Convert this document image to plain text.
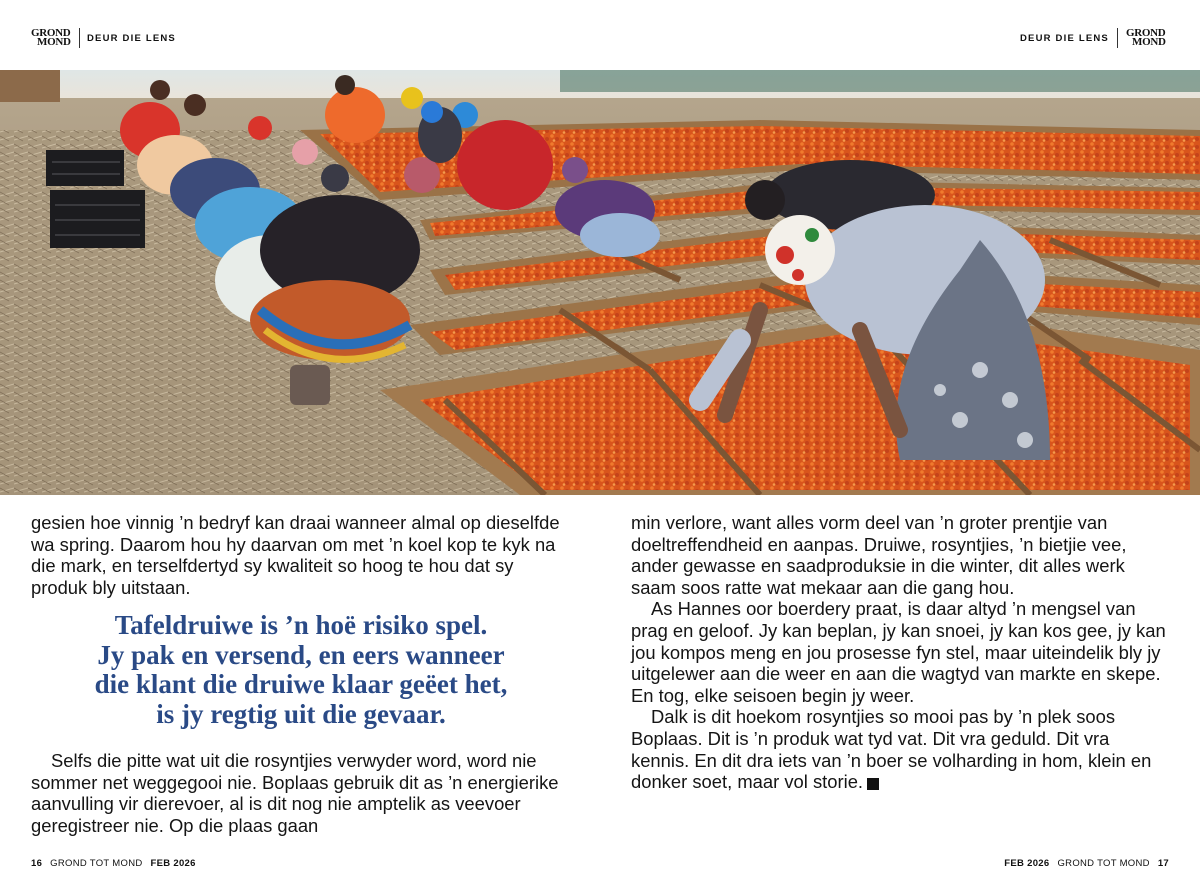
GROND
MOND DEUR DIE LENS	DEUR DIE LENS GROND
MOND

gesien hoe vinnig ’n bedryf kan draai wanneer almal op dieselfde wa spring. Daarom hou hy daarvan om met ’n koel kop te kyk na die mark, en terselfdertyd sy kwaliteit so hoog te hou dat sy produk bly uitstaan.

Tafeldruiwe is ’n hoë risiko spel.
Jy pak en versend, en eers wanneer
die klant die druiwe klaar geëet het,
is jy regtig uit die gevaar.

Selfs die pitte wat uit die rosyntjies verwyder word, word nie sommer net weggegooi nie. Boplaas gebruik dit as ’n energierike aanvulling vir dierevoer, al is dit nog nie amptelik as veevoer geregistreer nie. Op die plaas gaan

min verlore, want alles vorm deel van ’n groter prentjie van doeltreffendheid en aanpas. Druiwe, rosyntjies, ’n bietjie vee, ander gewasse en saadproduksie in die winter, dit alles werk saam soos ratte wat mekaar aan die gang hou.

As Hannes oor boerdery praat, is daar altyd ’n mengsel van prag en geloof. Jy kan beplan, jy kan snoei, jy kan kos gee, jy kan jou kompos meng en jou prosesse fyn stel, maar uiteindelik bly jy uitgelewer aan die weer en aan die wagtyd van markte en skepe. En tog, elke seisoen begin jy weer.

Dalk is dit hoekom rosyntjies so mooi pas by ’n plek soos Boplaas. Dit is ’n produk wat tyd vat. Dit vra geduld. Dit vra kennis. En dit dra iets van ’n boer se volharding in hom, klein en donker soet, maar vol storie.	†

16 GROND TOT MOND FEB 2026	FEB 2026 GROND TOT MOND 17
